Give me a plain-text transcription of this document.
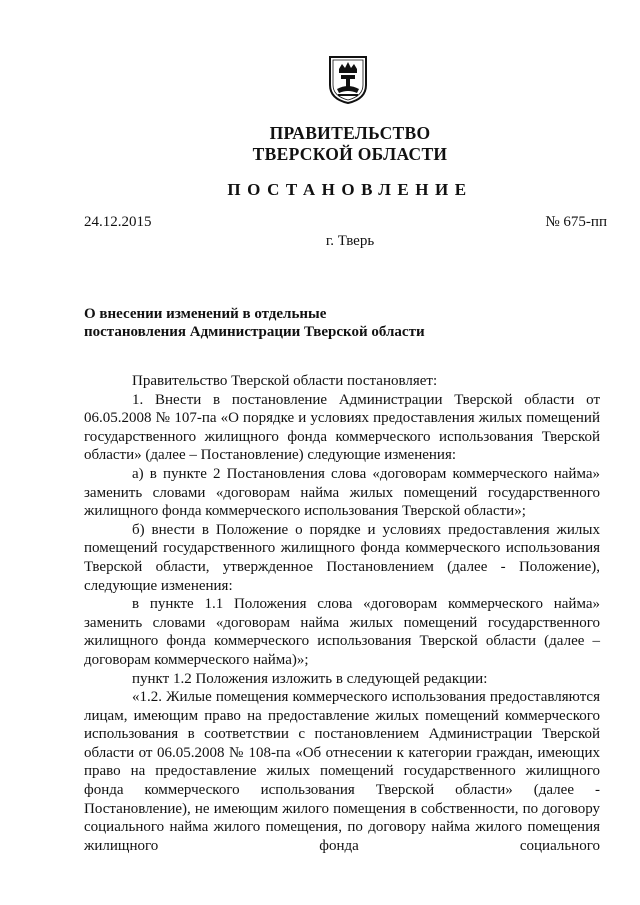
ПРАВИТЕЛЬСТВО
ТВЕРСКОЙ ОБЛАСТИ
ПОСТАНОВЛЕНИЕ
24.12.2015	№ 675-пп
г. Тверь
О внесении изменений в отдельные
постановления Администрации Тверской области

Правительство Тверской области постановляет:

1. Внести в постановление Администрации Тверской области от 06.05.2008 № 107-па «О порядке и условиях предоставления жилых помещений государственного жилищного фонда коммерческого использования Тверской области» (далее – Постановление) следующие изменения:

а) в пункте 2 Постановления слова «договорам коммерческого найма» заменить словами «договорам найма жилых помещений государственного жилищного фонда коммерческого использования Тверской области»;

б) внести в Положение о порядке и условиях предоставления жилых помещений государственного жилищного фонда коммерческого использования Тверской области, утвержденное Постановлением (далее - Положение), следующие изменения:

в пункте 1.1 Положения слова «договорам коммерческого найма» заменить словами «договорам найма жилых помещений государственного жилищного фонда коммерческого использования Тверской области (далее – договорам коммерческого найма)»;

пункт 1.2 Положения изложить в следующей редакции:

«1.2. Жилые помещения коммерческого использования предоставляются лицам, имеющим право на предоставление жилых помещений коммерческого использования в соответствии с постановлением Администрации Тверской области от 06.05.2008 № 108-па «Об отнесении к категории граждан, имеющих право на предоставление жилых помещений государственного жилищного фонда коммерческого использования Тверской области» (далее - Постановление), не имеющим жилого помещения в собственности, по договору социального найма жилого помещения, по договору найма жилого помещения жилищного фонда социального
